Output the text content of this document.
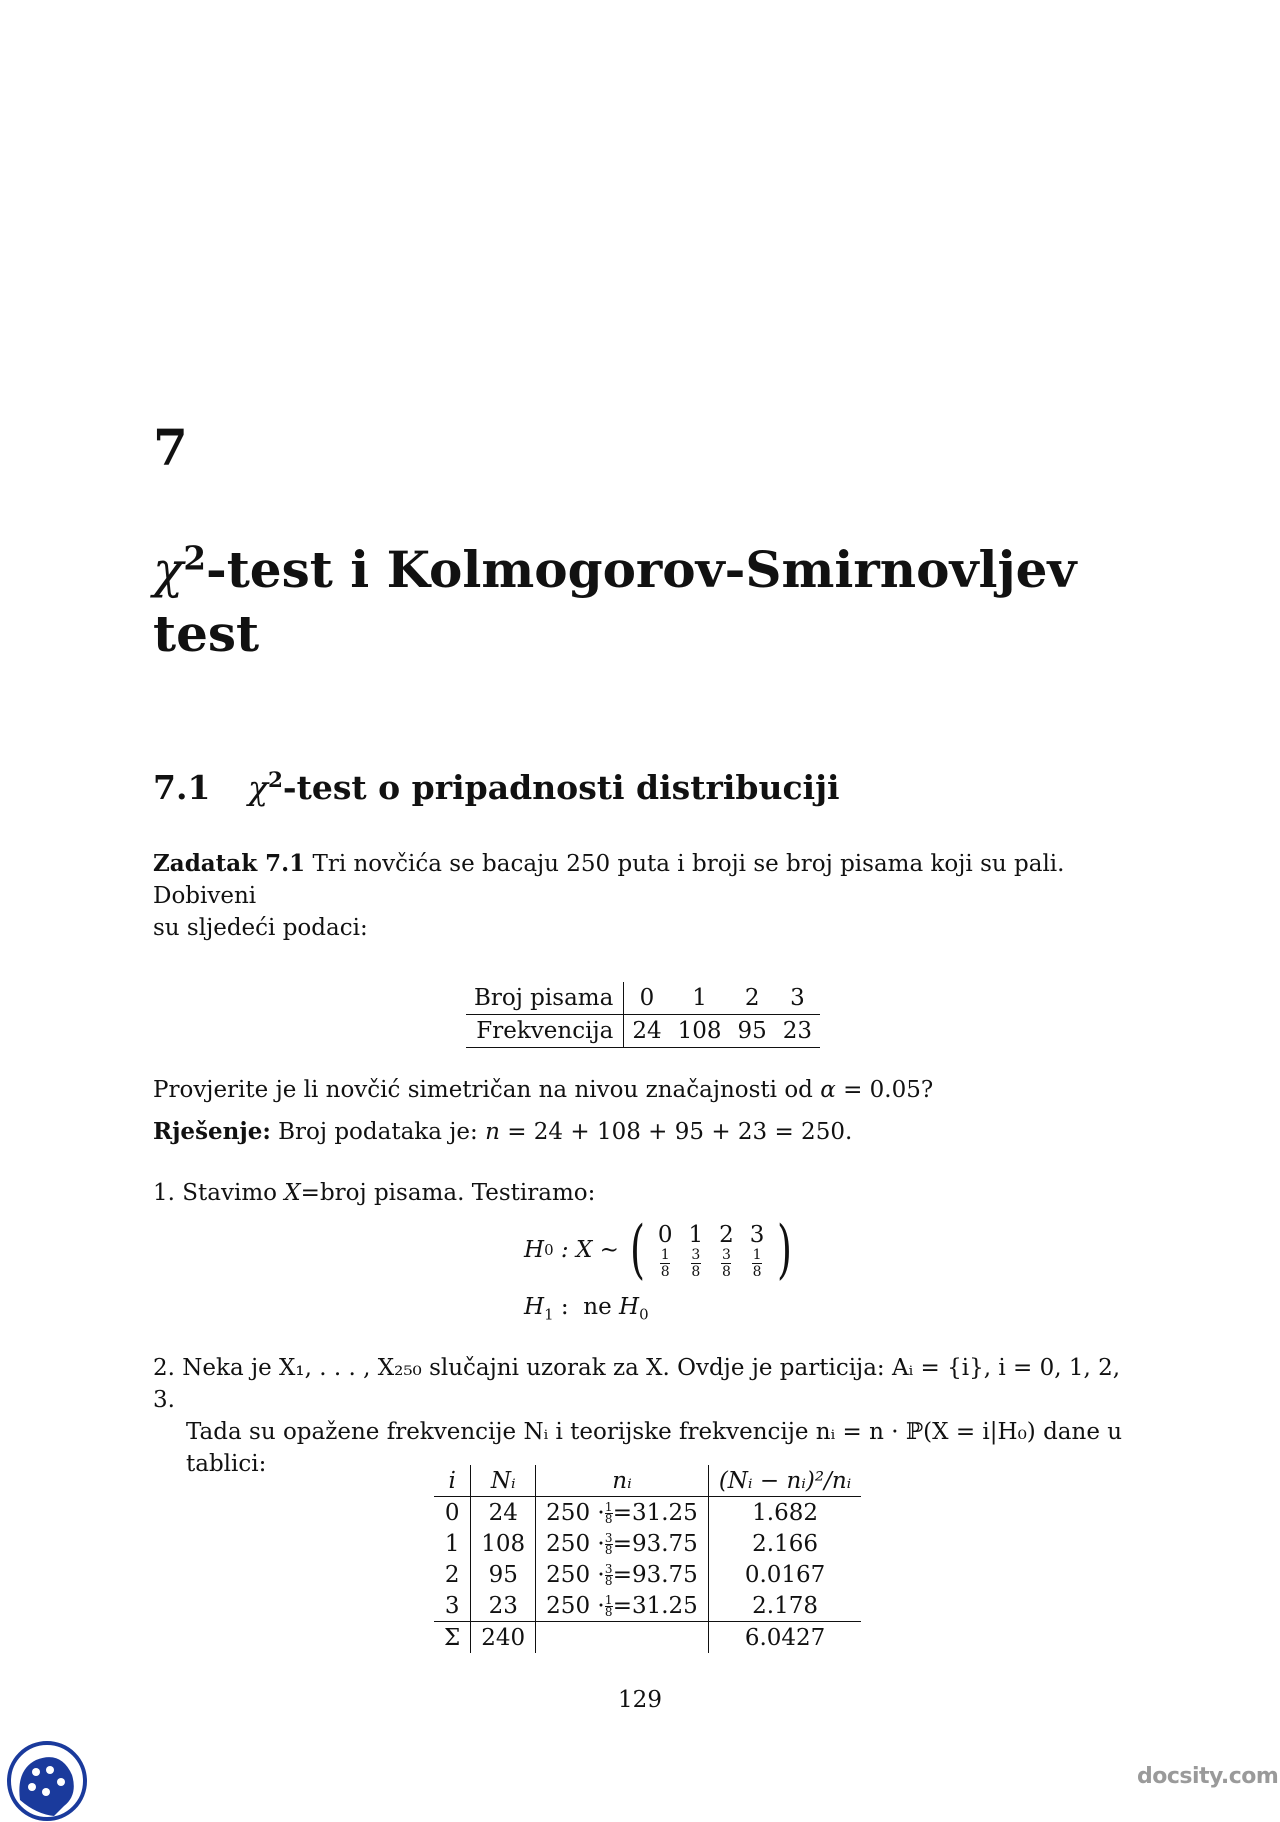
7
$\chi^2$-test i Kolmogorov-Smirnovljev
test
7.1 $\chi^2$-test o pripadnosti distribuciji
Zadatak 7.1 Tri novčića se bacaju 250 puta i broji se broj pisama koji su pali. Dobiveni
su sljedeći podaci:
Broj pisama	0	1	2	3
Frekvencija	24	108	95	23
Provjerite je li novčić simetričan na nivou značajnosti od α = 0.05?
Rješenje: Broj podataka je: n = 24 + 108 + 95 + 23 = 250.
1. Stavimo X=broj pisama. Testiramo:
H 0 : X ∼ ( 0
1
8
1
3
8
2
3
8
3
1
8 )
$H_1$ :  ne $H_0$
2. Neka je X₁, . . . , X₂₅₀ slučajni uzorak za X. Ovdje je particija: Aᵢ = {i}, i = 0, 1, 2, 3.
Tada su opažene frekvencije Nᵢ i teorijske frekvencije nᵢ = n · ℙ(X = i|H₀) dane u
tablici:
i	Nᵢ	nᵢ	(Nᵢ − nᵢ)²/nᵢ
0	24	$250 \cdot \frac{1}{8} =31.25$	1.682
1	108	$250 \cdot \frac{3}{8} =93.75$	2.166
2	95	$250 \cdot \frac{3}{8} =93.75$	0.0167
3	23	$250 \cdot \frac{1}{8} =31.25$	2.178
Σ	240		6.0427
129
docsity.com
